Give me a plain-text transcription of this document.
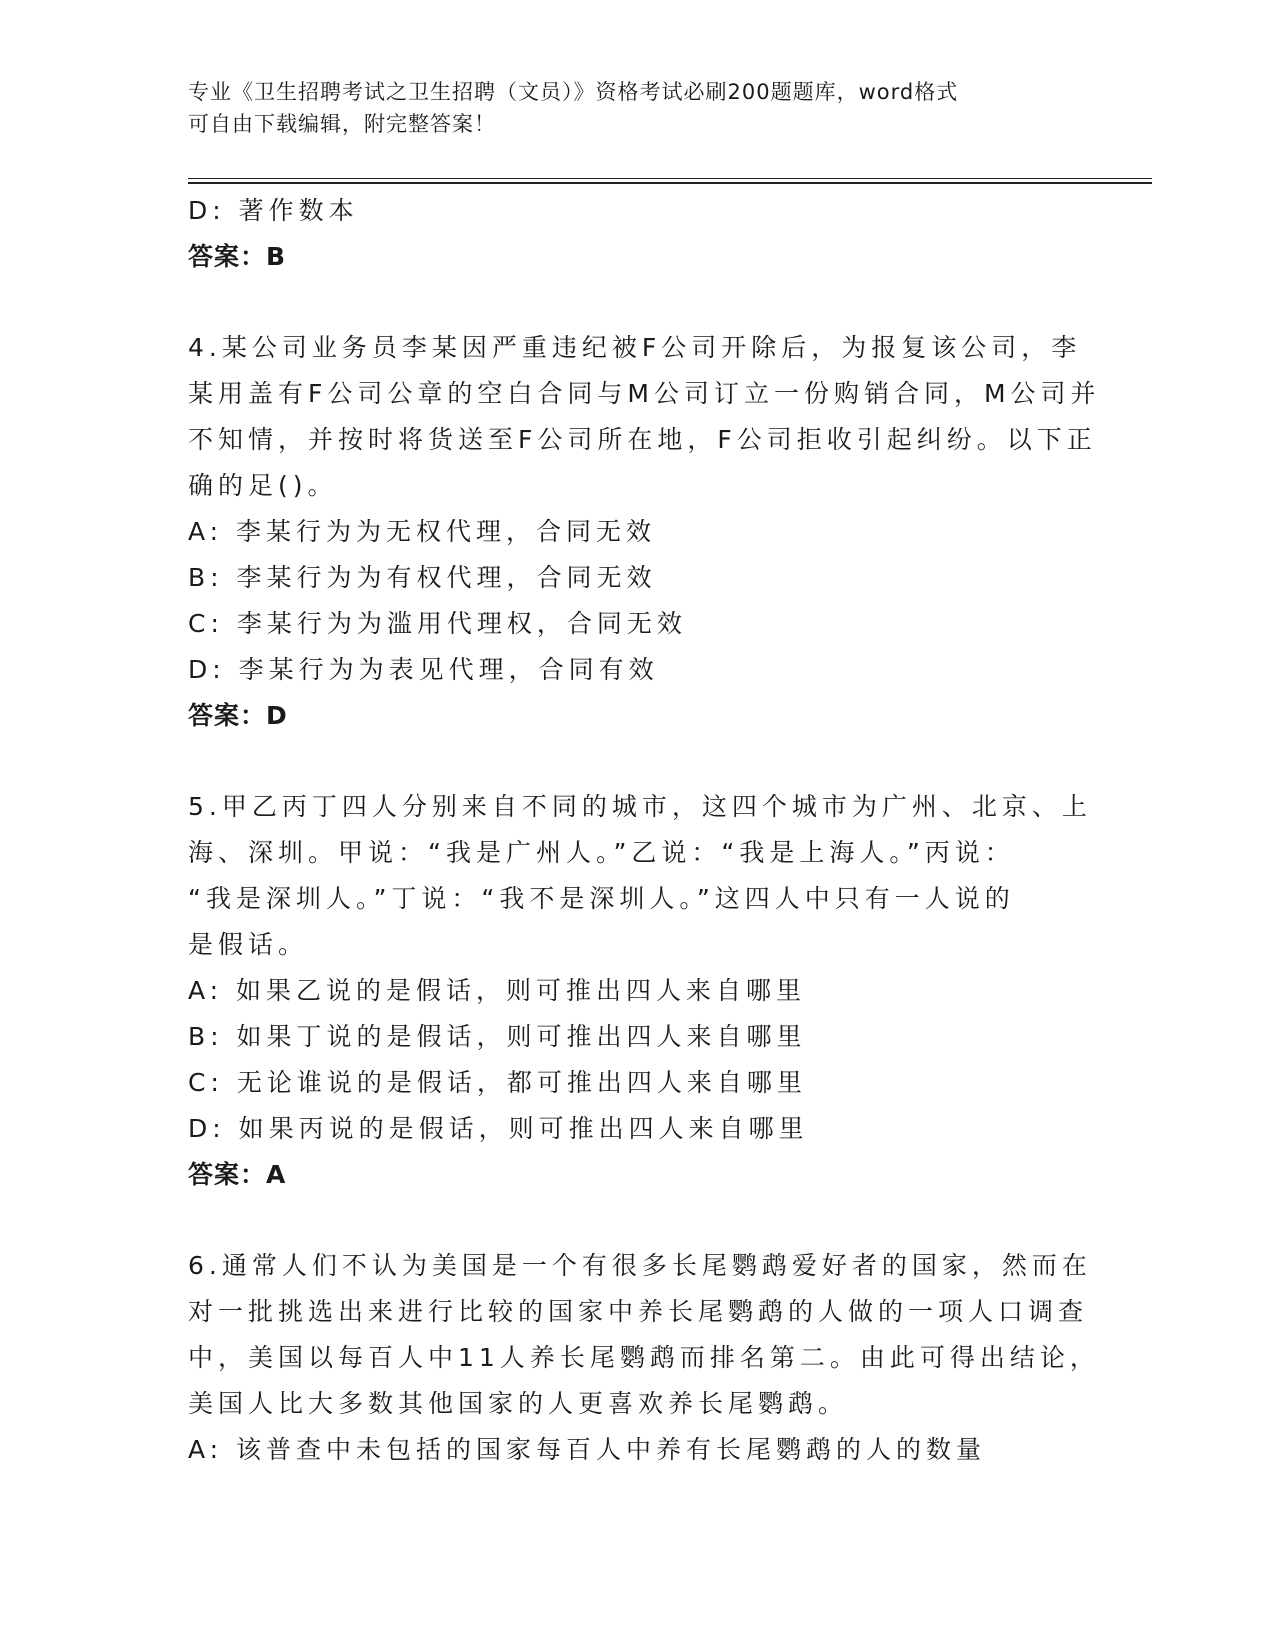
专业《卫生招聘考试之卫生招聘（文员）》资格考试必刷200题题库，word格式
可自由下载编辑，附完整答案！
D: 著作数本
答案：B
4.某公司业务员李某因严重违纪被F公司开除后，为报复该公司，李
某用盖有F公司公章的空白合同与M公司订立一份购销合同，M公司并
不知情，并按时将货送至F公司所在地，F公司拒收引起纠纷。以下正
确的足()。
A: 李某行为为无权代理，合同无效
B: 李某行为为有权代理，合同无效
C: 李某行为为滥用代理权，合同无效
D: 李某行为为表见代理，合同有效
答案：D
5.甲乙丙丁四人分别来自不同的城市，这四个城市为广州、北京、上
海、深圳。甲说：“我是广州人。”乙说：“我是上海人。”丙说：
“我是深圳人。”丁说：“我不是深圳人。”这四人中只有一人说的
是假话。
A: 如果乙说的是假话，则可推出四人来自哪里
B: 如果丁说的是假话，则可推出四人来自哪里
C: 无论谁说的是假话，都可推出四人来自哪里
D: 如果丙说的是假话，则可推出四人来自哪里
答案：A
6.通常人们不认为美国是一个有很多长尾鹦鹉爱好者的国家，然而在
对一批挑选出来进行比较的国家中养长尾鹦鹉的人做的一项人口调查
中，美国以每百人中11人养长尾鹦鹉而排名第二。由此可得出结论，
美国人比大多数其他国家的人更喜欢养长尾鹦鹉。
A: 该普查中未包括的国家每百人中养有长尾鹦鹉的人的数量
